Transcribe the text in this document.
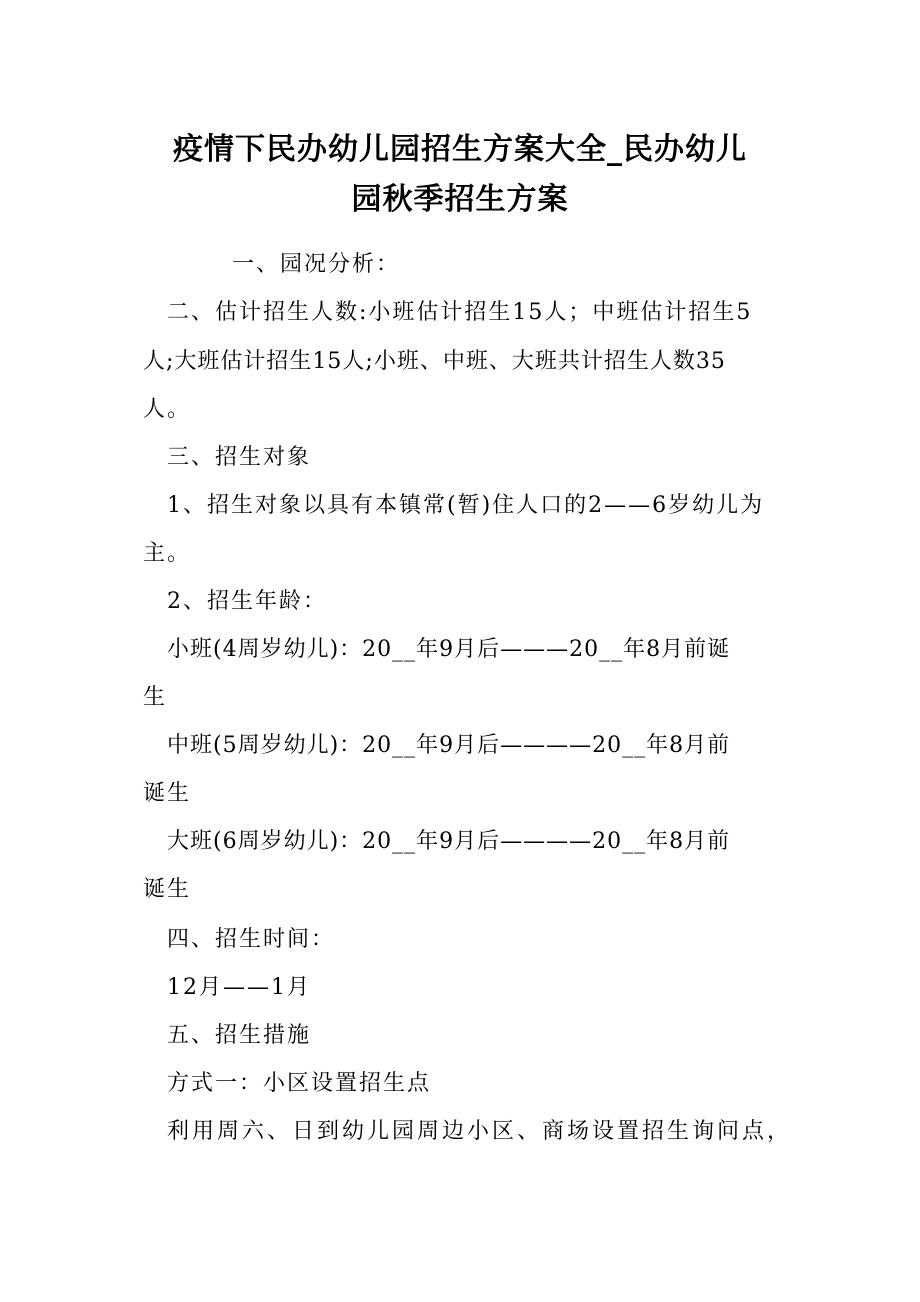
疫情下民办幼儿园招生方案大全_民办幼儿
园秋季招生方案
一、园况分析：
二、估计招生人数:小班估计招生15人；中班估计招生5
人;大班估计招生15人;小班、中班、大班共计招生人数35
人。
三、招生对象
1、招生对象以具有本镇常(暂)住人口的2——6岁幼儿为
主。
2、招生年龄：
小班(4周岁幼儿)：20__年9月后———20__年8月前诞
生
中班(5周岁幼儿)：20__年9月后————20__年8月前
诞生
大班(6周岁幼儿)：20__年9月后————20__年8月前
诞生
四、招生时间：
12月——1月
五、招生措施
方式一：小区设置招生点
利用周六、日到幼儿园周边小区、商场设置招生询问点，
